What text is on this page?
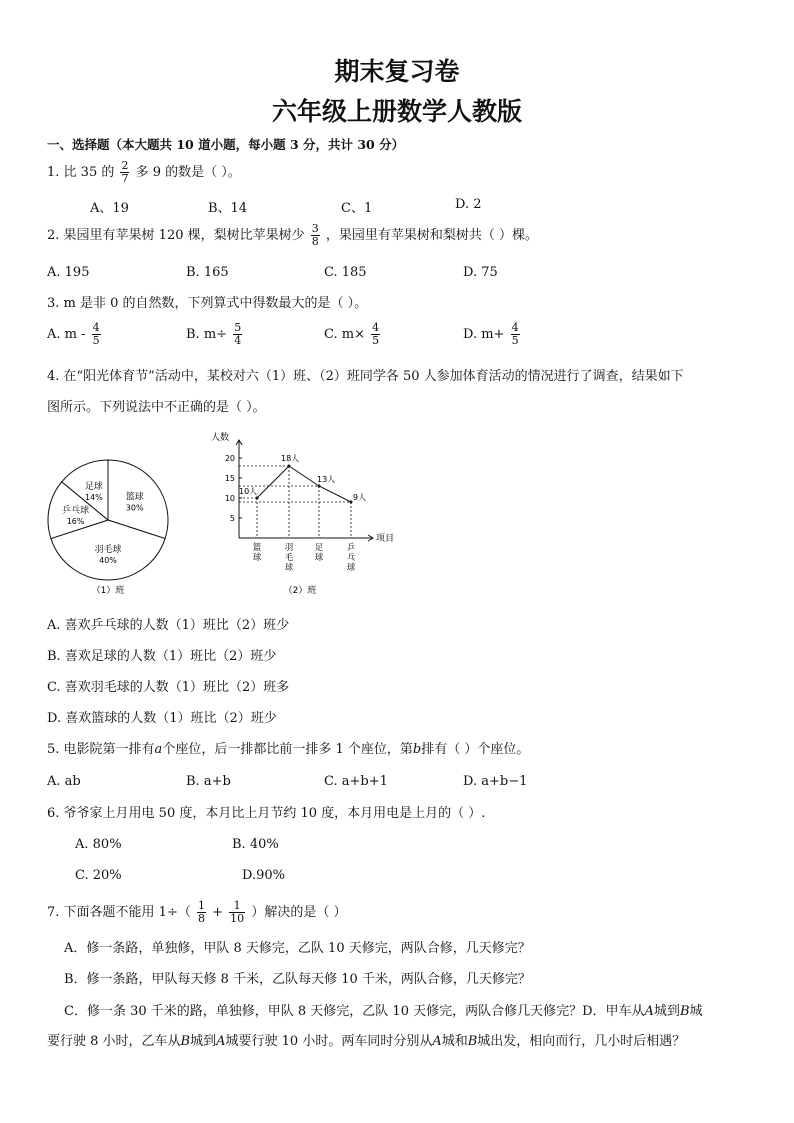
期末复习卷
六年级上册数学人教版
一、选择题（本大题共 10 道小题，每小题 3 分，共计 30 分）
1. 比 35 的 $\frac{2}{7}$ 多 9 的数是（ ）。
A、19	B、14	C、1	D. 2
2. 果园里有苹果树 120 棵，梨树比苹果树少 $\frac{3}{8}$ ，果园里有苹果树和梨树共（ ）棵。
A. 195	B. 165	C. 185	D. 75
3. m 是非 0 的自然数，下列算式中得数最大的是（ ）。
A. m - $\frac{4}{5}$	B. $m\div \frac{5}{4}$	C. $m\times \frac{4}{5}$	D. $m+ \frac{4}{5}$
4. 在“阳光体育节”活动中，某校对六（1）班、（2）班同学各 50 人参加体育活动的情况进行了调查，结果如下
图所示。下列说法中不正确的是（ ）。
篮球
30%
羽毛球
40%
乒乓球
16%
足球
14%
（1）班
人数
项目
5
10
15
20
10人
18人
13人
9人
篮
球
羽
毛
球
足
球
乒
乓
球
（2）班
A. 喜欢乒乓球的人数（1）班比（2）班少
B. 喜欢足球的人数（1）班比（2）班少
C. 喜欢羽毛球的人数（1）班比（2）班多
D. 喜欢篮球的人数（1）班比（2）班少
5. 电影院第一排有a个座位，后一排都比前一排多 1 个座位，第b排有（ ）个座位。
A. ab	B. a+b	C. a+b+1	D. a+b−1
6. 爷爷家上月用电 50 度，本月比上月节约 10 度，本月用电是上月的（ ）.
A. 80%	B. 40%
C. 20%	D.90%
7. 下面各题不能用 $1\div( \frac{1}{8} + \frac{1}{10}$ ）解决的是（ ）
A．修一条路，单独修，甲队 8 天修完，乙队 10 天修完，两队合修，几天修完？
B．修一条路，甲队每天修 8 千米，乙队每天修 10 千米，两队合修，几天修完？
C．修一条 30 千米的路，单独修，甲队 8 天修完，乙队 10 天修完，两队合修几天修完？D．甲车从A城到B城
要行驶 8 小时，乙车从B城到A城要行驶 10 小时。两车同时分别从A城和B城出发，相向而行，几小时后相遇？
